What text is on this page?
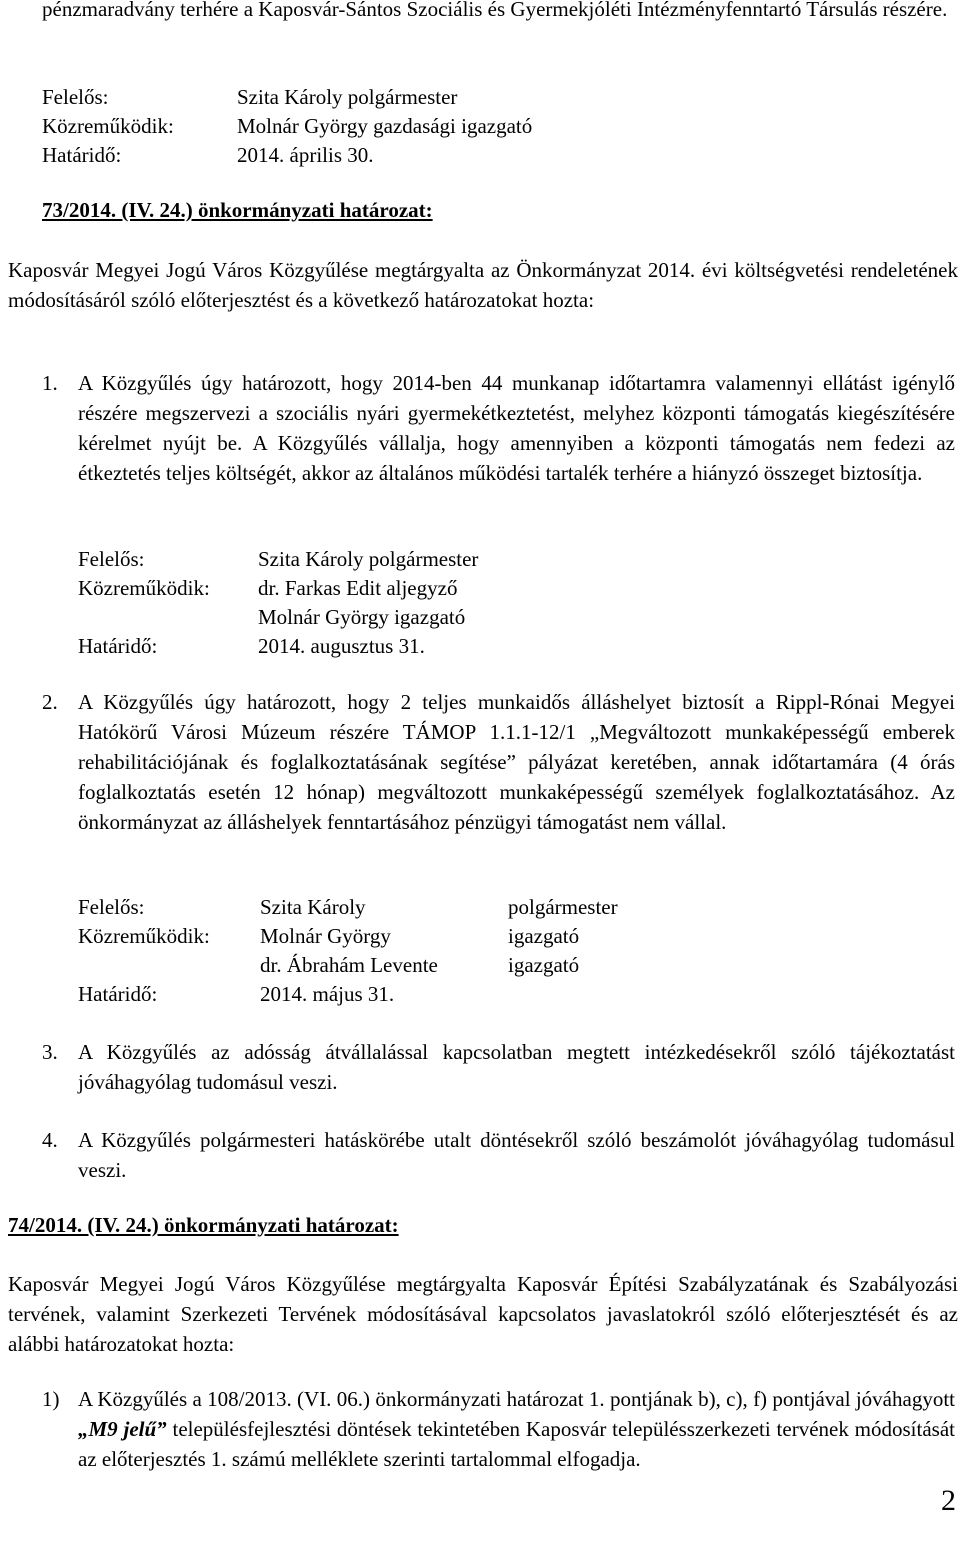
pénzmaradvány terhére a Kaposvár-Sántos Szociális és Gyermekjóléti Intézményfenntartó Társulás részére.

Felelős:	Szita Károly polgármester
Közreműködik:	Molnár György gazdasági igazgató
Határidő:	2014. április 30.

73/2014. (IV. 24.) önkormányzati határozat:

Kaposvár Megyei Jogú Város Közgyűlése megtárgyalta az Önkormányzat 2014. évi költségvetési rendeletének módosításáról szóló előterjesztést és a következő határozatokat hozta:

1. A Közgyűlés úgy határozott, hogy 2014-ben 44 munkanap időtartamra valamennyi ellátást igénylő részére megszervezi a szociális nyári gyermekétkeztetést, melyhez központi támogatás kiegészítésére kérelmet nyújt be. A Közgyűlés vállalja, hogy amennyiben a központi támogatás nem fedezi az étkeztetés teljes költségét, akkor az általános működési tartalék terhére a hiányzó összeget biztosítja.

Felelős:	Szita Károly polgármester
Közreműködik:	dr. Farkas Edit aljegyző
	Molnár György igazgató
Határidő:	2014. augusztus 31.
2. A Közgyűlés úgy határozott, hogy 2 teljes munkaidős álláshelyet biztosít a Rippl-Rónai Megyei Hatókörű Városi Múzeum részére TÁMOP 1.1.1-12/1 „Megváltozott munkaképességű emberek rehabilitációjának és foglalkoztatásának segítése” pályázat keretében, annak időtartamára (4 órás foglalkoztatás esetén 12 hónap) megváltozott munkaképességű személyek foglalkoztatásához. Az önkormányzat az álláshelyek fenntartásához pénzügyi támogatást nem vállal.

Felelős:	Szita Károly	polgármester
Közreműködik:	Molnár György	igazgató
	dr. Ábrahám Levente	igazgató
Határidő:	2014. május 31.	
3. A Közgyűlés az adósság átvállalással kapcsolatban megtett intézkedésekről szóló tájékoztatást jóváhagyólag tudomásul veszi.

4. A Közgyűlés polgármesteri hatáskörébe utalt döntésekről szóló beszámolót jóváhagyólag tudomásul veszi.

74/2014. (IV. 24.) önkormányzati határozat:

Kaposvár Megyei Jogú Város Közgyűlése megtárgyalta Kaposvár Építési Szabályzatának és Szabályozási tervének, valamint Szerkezeti Tervének módosításával kapcsolatos javaslatokról szóló előterjesztését és az alábbi határozatokat hozta:

1) A Közgyűlés a 108/2013. (VI. 06.) önkormányzati határozat 1. pontjának b), c), f) pontjával jóváhagyott „M9 jelű” településfejlesztési döntések tekintetében Kaposvár településszerkezeti tervének módosítását az előterjesztés 1. számú melléklete szerinti tartalommal elfogadja.

2
